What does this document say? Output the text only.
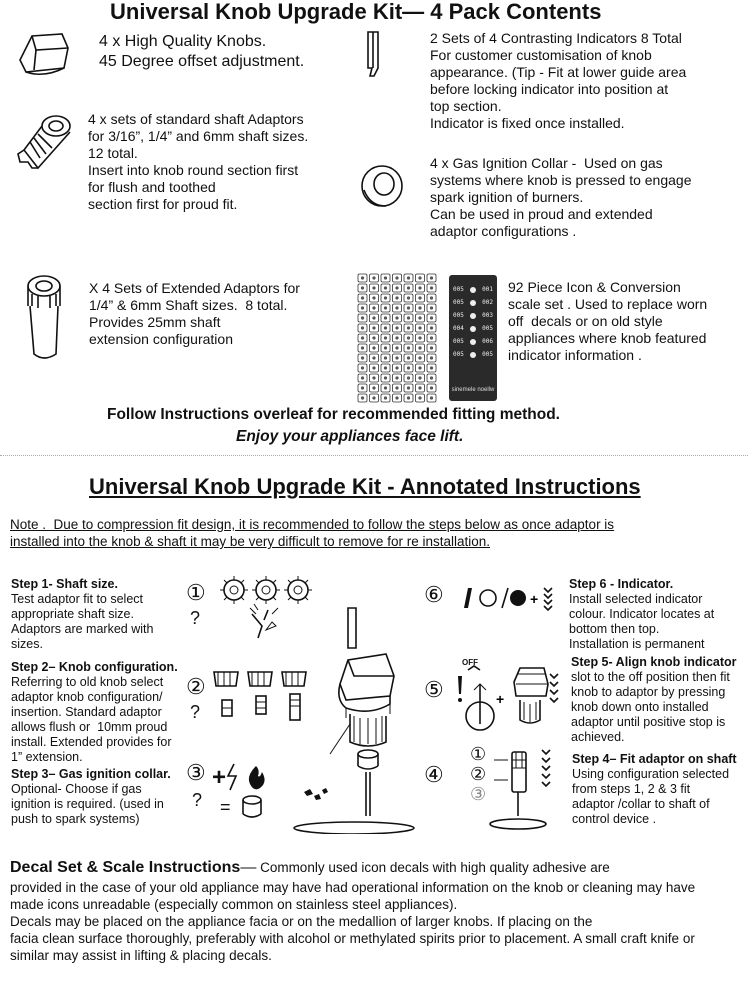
Universal Knob Upgrade Kit— 4 Pack Contents
4 x High Quality Knobs.
45 Degree offset adjustment.
2 Sets of 4 Contrasting Indicators 8 Total
For customer customisation of knob
appearance. (Tip - Fit at lower guide area
before locking indicator into position at
top section.
Indicator is fixed once installed.
4 x sets of standard shaft Adaptors
for 3/16”, 1/4” and 6mm shaft sizes.
12 total.
Insert into knob round section first
for flush and toothed
section first for proud fit.
4 x Gas Ignition Collar -  Used on gas
systems where knob is pressed to engage
spark ignition of burners.
Can be used in proud and extended
adaptor configurations .
X 4 Sets of Extended Adaptors for
1/4” & 6mm Shaft sizes.  8 total.
Provides 25mm shaft
extension configuration
005	001
005	002
005	003
004	005
005	006
005	005
sinemele noellw
92 Piece Icon & Conversion
scale set . Used to replace worn
off  decals or on old style
appliances where knob featured
indicator information .
Follow Instructions overleaf for recommended fitting method.
Enjoy your appliances face lift.
Universal Knob Upgrade Kit - Annotated Instructions
Note .  Due to compression fit design, it is recommended to follow the steps below as once adaptor is
installed into the knob & shaft it may be very difficult to remove for re installation.
Step 1- Shaft size.
Test adaptor fit to select
appropriate shaft size.
Adaptors are marked with
sizes.
Step 2– Knob configuration.
Referring to old knob select
adaptor knob configuration/
insertion. Standard adaptor
allows flush or  10mm proud
install. Extended provides for
1” extension.
Step 3– Gas ignition collar.
Optional- Choose if gas
ignition is required. (used in
push to spark systems)
Step 6 - Indicator.
Install selected indicator
colour. Indicator locates at
bottom then top.
Installation is permanent
Step 5- Align knob indicator
slot to the off position then fit
knob to adaptor by pressing
knob down onto installed
adaptor until positive stop is
achieved.
Step 4– Fit adaptor on shaft
Using configuration selected
from steps 1, 2 & 3 fit
adaptor /collar to shaft of
control device .
①
?
②
?
③
?
⑥
⑤
④
+
=
+
OFF
+
①
②
③
Decal Set & Scale Instructions— Commonly used icon decals with high quality adhesive are
provided in the case of your old appliance may have had operational information on the knob or cleaning may have
made icons unreadable (especially common on stainless steel appliances).
Decals may be placed on the appliance facia or on the medallion of larger knobs. If placing on the
facia clean surface thoroughly, preferably with alcohol or methylated spirits prior to placement. A small craft knife or
similar may assist in lifting & placing decals.
